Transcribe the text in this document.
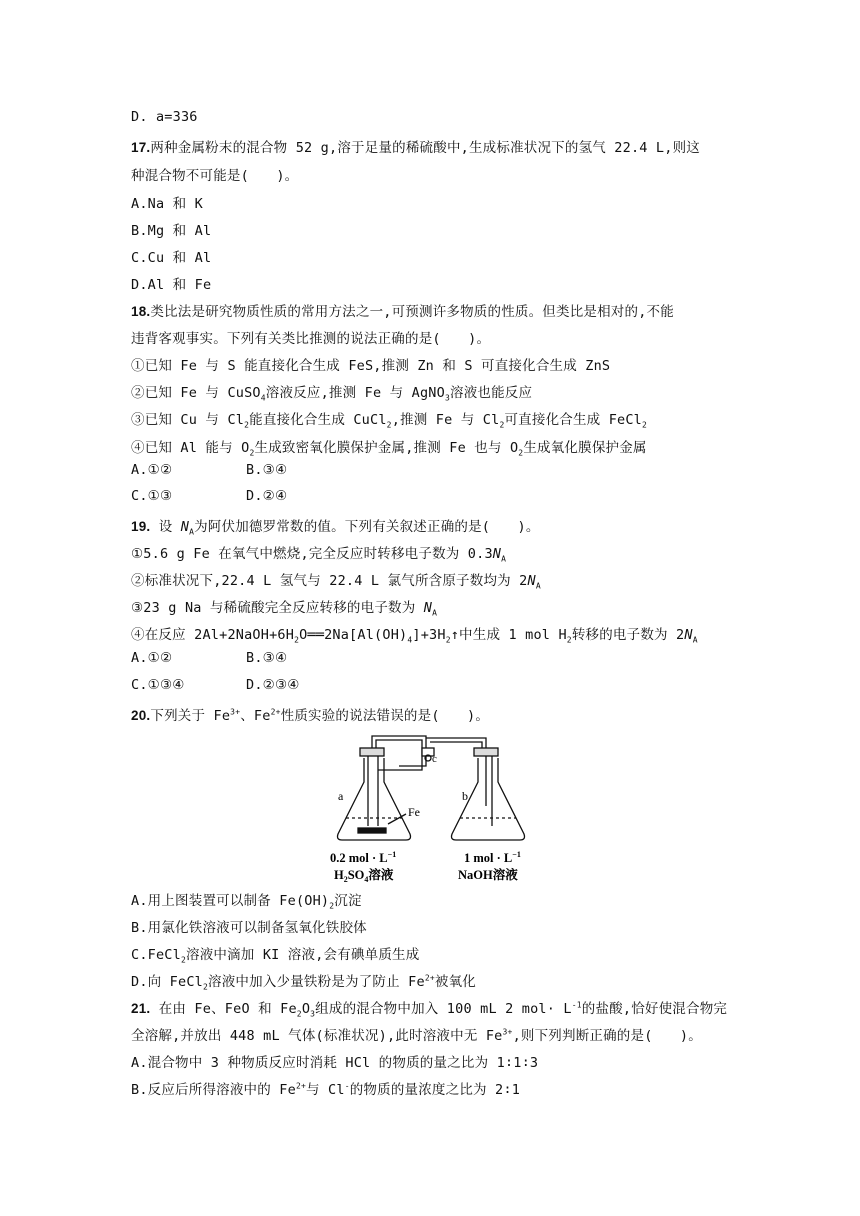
D. a=336
17.两种金属粉末的混合物 52 g,溶于足量的稀硫酸中,生成标准状况下的氢气 22.4 L,则这
种混合物不可能是(　　)。
A.Na 和 K
B.Mg 和 Al
C.Cu 和 Al
D.Al 和 Fe
18.类比法是研究物质性质的常用方法之一,可预测许多物质的性质。但类比是相对的,不能
违背客观事实。下列有关类比推测的说法正确的是(　　)。
①已知 Fe 与 S 能直接化合生成 FeS,推测 Zn 和 S 可直接化合生成 ZnS
②已知 Fe 与 CuSO$_4$溶液反应,推测 Fe 与 AgNO$_3$溶液也能反应
③已知 Cu 与 $Cl_2$能直接化合生成 CuCl$_2$,推测 Fe 与 $Cl_2$可直接化合生成 FeCl$_2$
④已知 Al 能与 $O_2$生成致密氧化膜保护金属,推测 Fe 也与 $O_2$生成氧化膜保护金属
A.①②	B.③④
C.①③	D.②④
19. 设 $N_A$为阿伏加德罗常数的值。下列有关叙述正确的是(　　)。
①5.6 g Fe 在氧气中燃烧,完全反应时转移电子数为 $0.3N_A$
②标准状况下,22.4 L 氢气与 22.4 L 氯气所含原子数均为 $2N_A$
③23 g Na 与稀硫酸完全反应转移的电子数为 $N_A$
④在反应 $2Al+2NaOH+6H_2O══2Na[Al(OH)_4]+3H_2↑$中生成 1 mol $H_2$转移的电子数为 $2N_A$
A.①②	B.③④
C.①③④	D.②③④
20.下列关于 $Fe^{3+}$、$Fe^{2+}$性质实验的说法错误的是(　　)。
a	b
c
Fe
0.2 mol · $L^{-1}$
$H_2SO_4$溶液
1 mol · $L^{-1}$
NaOH溶液
A.用上图装置可以制备 $Fe(OH)_2$沉淀
B.用氯化铁溶液可以制备氢氧化铁胶体
C.FeCl$_2$溶液中滴加 KI 溶液,会有碘单质生成
D.向 FeCl$_2$溶液中加入少量铁粉是为了防止 $Fe^{2+}$被氧化
21. 在由 Fe、FeO 和 $Fe_2O_3$组成的混合物中加入 100 mL 2 $mol\cdot L^{-1}$的盐酸,恰好使混合物完
全溶解,并放出 448 mL 气体(标准状况),此时溶液中无 $Fe^{3+}$,则下列判断正确的是(　　)。
A.混合物中 3 种物质反应时消耗 HCl 的物质的量之比为 1∶1∶3
B.反应后所得溶液中的 $Fe^{2+}$与 Cl-的物质的量浓度之比为 2∶1
